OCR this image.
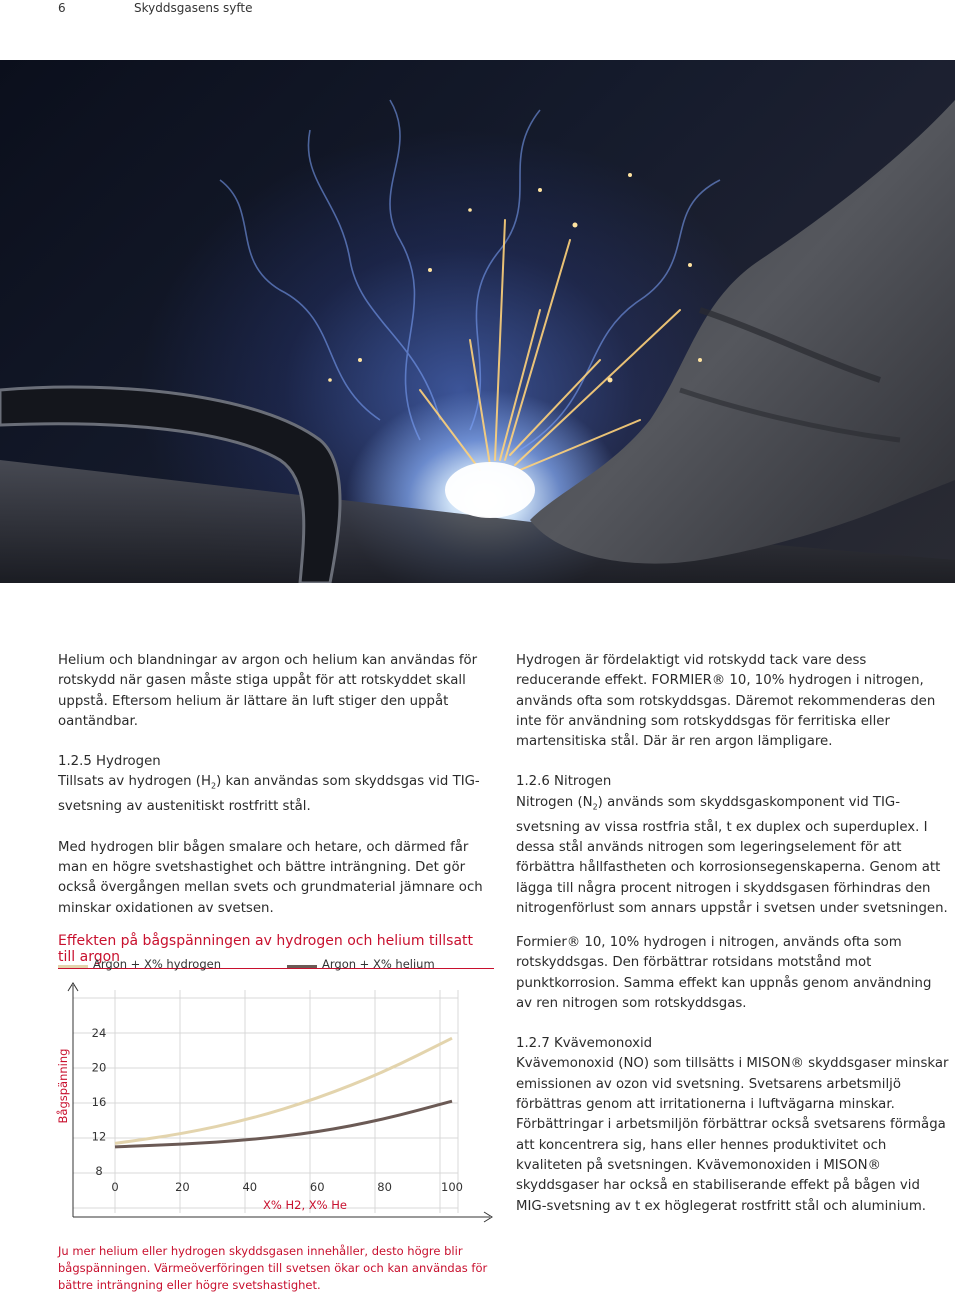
6	Skyddsgasens syfte

Helium och blandningar av argon och helium kan användas för rotskydd när gasen måste stiga uppåt för att rotskyddet skall uppstå. Eftersom helium är lättare än luft stiger den uppåt oantändbar.

1.2.5 Hydrogen

Tillsats av hydrogen $(H_2)$ kan användas som skyddsgas vid TIG-svetsning av austenitiskt rostfritt stål.

Med hydrogen blir bågen smalare och hetare, och därmed får man en högre svetshastighet och bättre inträngning. Det gör också övergången mellan svets och grundmaterial jämnare och minskar oxidationen av svetsen.

Hydrogen är fördelaktigt vid rotskydd tack vare dess reducerande effekt. FORMIER® 10, 10% hydrogen i nitrogen, används ofta som rotskyddsgas. Däremot rekommenderas den inte för användning som rotskyddsgas för ferritiska eller martensitiska stål. Där är ren argon lämpligare.

1.2.6 Nitrogen

Nitrogen $(N_2)$ används som skyddsgaskomponent vid TIG-svetsning av vissa rostfria stål, t ex duplex och superduplex. I dessa stål används nitrogen som legeringselement för att förbättra hållfastheten och korrosionsegenskaperna. Genom att lägga till några procent nitrogen i skyddsgasen förhindras den nitrogenförlust som annars uppstår i svetsen under svetsningen.

Formier® 10, 10% hydrogen i nitrogen, används ofta som rotskyddsgas. Den förbättrar rotsidans motstånd mot punktkorrosion. Samma effekt kan uppnås genom användning av ren nitrogen som rotskyddsgas.

1.2.7 Kvävemonoxid

Kvävemonoxid (NO) som tillsätts i MISON® skyddsgaser minskar emissionen av ozon vid svetsning. Svetsarens arbetsmiljö förbättras genom att irritationerna i luftvägarna minskar. Förbättringar i arbetsmiljön förbättrar också svetsarens förmåga att koncentrera sig, hans eller hennes produktivitet och kvaliteten på svetsningen. Kvävemonoxiden i MISON® skyddsgaser har också en stabiliserande effekt på bågen vid MIG-svetsning av t ex höglegerat rostfritt stål och aluminium.

Effekten på bågspänningen av hydrogen och helium tillsatt till argon
Argon + X% hydrogen	Argon + X% helium
24
20
16
12
8
0	20	40	60	80	100
X% H2, X% He
Bågspänning
Ju mer helium eller hydrogen skyddsgasen innehåller, desto högre blir bågspänningen. Värmeöverföringen till svetsen ökar och kan användas för bättre inträngning eller högre svetshastighet.
